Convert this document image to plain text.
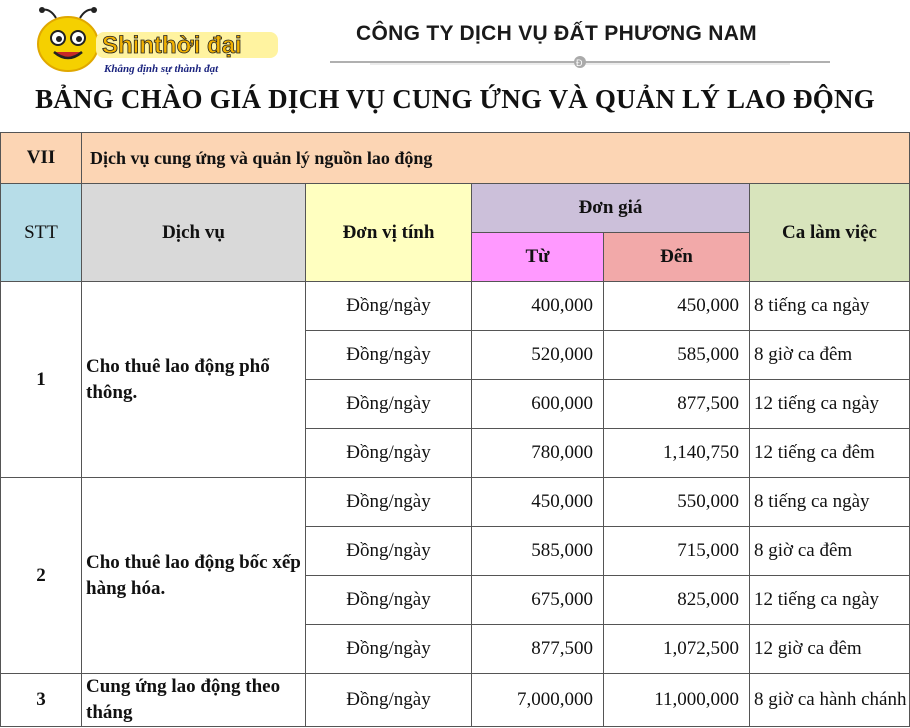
Shinthời đại
Khẳng định sự thành đạt
CÔNG TY DỊCH VỤ ĐẤT PHƯƠNG NAM
Đ
BẢNG CHÀO GIÁ DỊCH VỤ CUNG ỨNG VÀ QUẢN LÝ LAO ĐỘNG
VII	Dịch vụ cung ứng và quản lý nguồn lao động				
STT	Dịch vụ	Đơn vị tính	Đơn giá		Ca làm việc
			Từ	Đến	
1	Cho thuê lao động phổ thông.	Đồng/ngày	400,000	450,000	8 tiếng ca ngày
		Đồng/ngày	520,000	585,000	8 giờ ca đêm
		Đồng/ngày	600,000	877,500	12 tiếng ca ngày
		Đồng/ngày	780,000	1,140,750	12 tiếng ca đêm
2	Cho thuê lao động bốc xếp hàng hóa.	Đồng/ngày	450,000	550,000	8 tiếng ca ngày
		Đồng/ngày	585,000	715,000	8 giờ ca đêm
		Đồng/ngày	675,000	825,000	12 tiếng ca ngày
		Đồng/ngày	877,500	1,072,500	12 giờ ca đêm
3	Cung ứng lao động theo tháng	Đồng/ngày	7,000,000	11,000,000	8 giờ ca hành chánh
